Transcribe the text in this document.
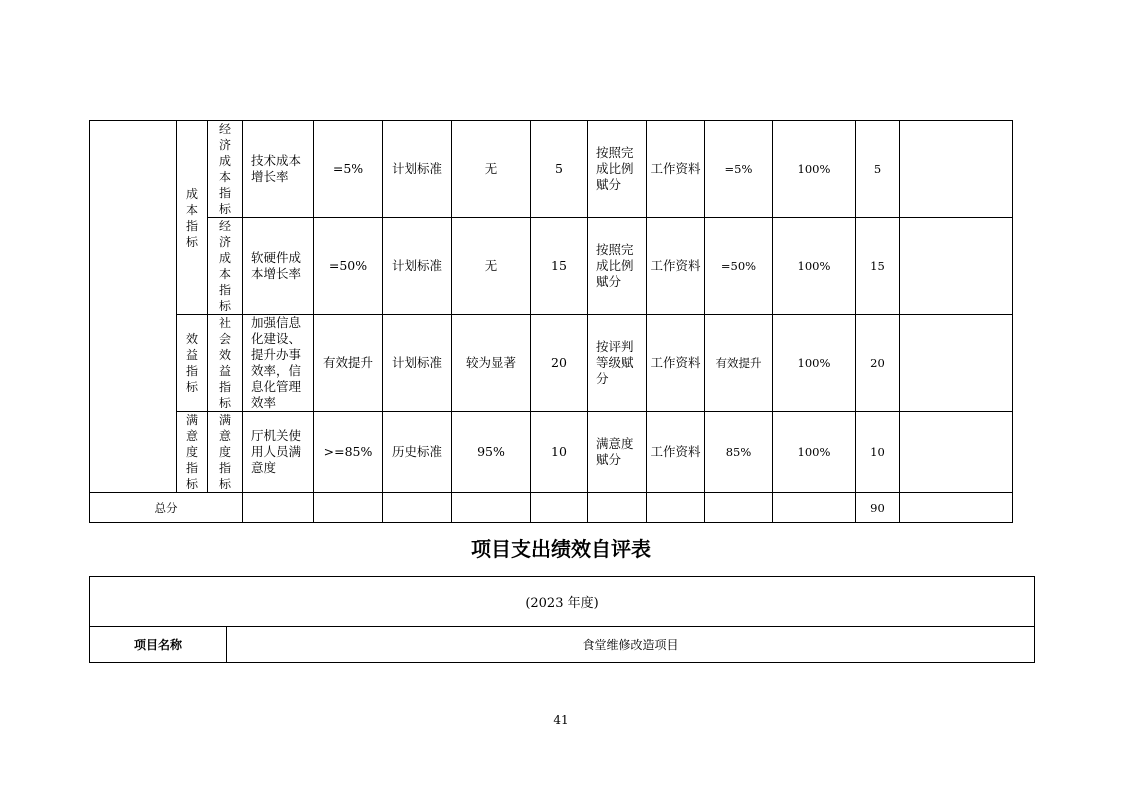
	成本指标	经济成本指标	技术成本增长率	=5%	计划标准	无	5	按照完成比例赋分	工作资料	=5%	100%	5	
		经济成本指标	软硬件成本增长率	=50%	计划标准	无	15	按照完成比例赋分	工作资料	=50%	100%	15	
	效益指标	社会效益指标	加强信息化建设、提升办事效率，信息化管理效率	有效提升	计划标准	较为显著	20	按评判等级赋分	工作资料	有效提升	100%	20	
	满意度指标	满意度指标	厅机关使用人员满意度	>=85%	历史标准	95%	10	满意度赋分	工作资料	85%	100%	10	
总分												90	
项目支出绩效自评表
(2023 年度)
项目名称	食堂维修改造项目
41
